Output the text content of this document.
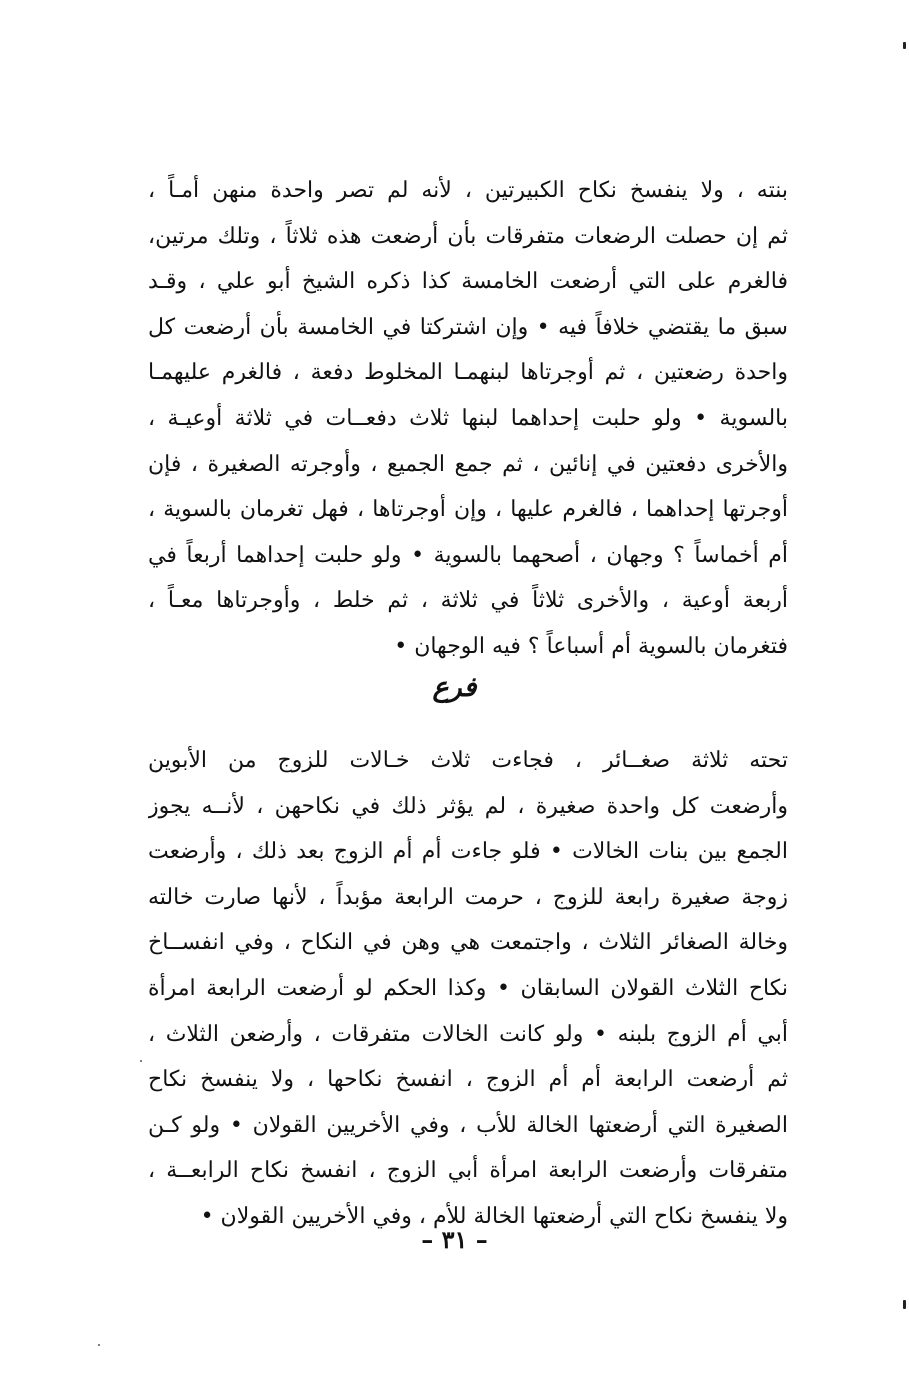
بنته ، ولا ينفسخ نكاح الكبيرتين ، لأنه لم تصر واحدة منهن أمـاً ،
ثم إن حصلت الرضعات متفرقات بأن أرضعت هذه ثلاثاً ، وتلك مرتين،
فالغرم على التي أرضعت الخامسة كذا ذكره الشيخ أبو علي ، وقـد
سبق ما يقتضي خلافاً فيه • وإن اشتركتا في الخامسة بأن أرضعت كل
واحدة رضعتين ، ثم أوجرتاها لبنهمـا المخلوط دفعة ، فالغرم عليهمـا
بالسوية • ولو حلبت إحداهما لبنها ثلاث دفعــات في ثلاثة أوعيـة ،
والأخرى دفعتين في إنائين ، ثم جمع الجميع ، وأوجرته الصغيرة ، فإن
أوجرتها إحداهما ، فالغرم عليها ، وإن أوجرتاها ، فهل تغرمان بالسوية ،
أم أخماساً ؟ وجهان ، أصحهما بالسوية • ولو حلبت إحداهما أربعاً في
أربعة أوعية ، والأخرى ثلاثاً في ثلاثة ، ثم خلط ، وأوجرتاها معـاً ،
فتغرمان بالسوية أم أسباعاً ؟ فيه الوجهان •
فرع
تحته ثلاثة صغــائر ، فجاءت ثلاث خـالات للزوج من الأبوين
وأرضعت كل واحدة صغيرة ، لم يؤثر ذلك في نكاحهن ، لأنــه يجوز
الجمع بين بنات الخالات • فلو جاءت أم أم الزوج بعد ذلك ، وأرضعت
زوجة صغيرة رابعة للزوج ، حرمت الرابعة مؤبداً ، لأنها صارت خالته
وخالة الصغائر الثلاث ، واجتمعت هي وهن في النكاح ، وفي انفســاخ
نكاح الثلاث القولان السابقان • وكذا الحكم لو أرضعت الرابعة امرأة
أبي أم الزوج بلبنه • ولو كانت الخالات متفرقات ، وأرضعن الثلاث ،
ثم أرضعت الرابعة أم أم الزوج ، انفسخ نكاحها ، ولا ينفسخ نكاح
الصغيرة التي أرضعتها الخالة للأب ، وفي الأخريين القولان • ولو كـن
متفرقات وأرضعت الرابعة امرأة أبي الزوج ، انفسخ نكاح الرابعــة ،
ولا ينفسخ نكاح التي أرضعتها الخالة للأم ، وفي الأخريين القولان •
– ٣١ –
